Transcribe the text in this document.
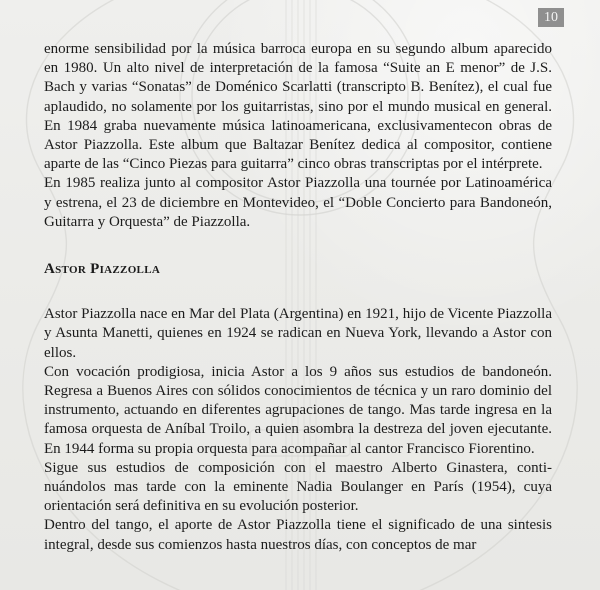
10

enorme sensibilidad por la música barroca europa en su segundo album aparecido en 1980. Un alto nivel de interpretación de la famosa “Suite an E menor” de J.S. Bach y varias “Sonatas” de Doménico Scarlatti (transcripto B. Benítez), el cual fue aplaudido, no solamente por los guitarristas, sino por el mundo musical en general. En 1984 graba nuevamente música latinoamericana, exclusivamentecon obras de Astor Piazzolla. Este album que Baltazar Benítez dedica al compositor, contiene aparte de las “Cinco Piezas para guitarra” cinco obras transcriptas por el intérprete.

En 1985 realiza junto al compositor Astor Piazzolla una tournée por Latinoamérica y estrena, el 23 de diciembre en Montevideo, el “Doble Concierto para Bandoneón, Guitarra y Orquesta” de Piazzolla.

Astor Piazzolla

Astor Piazzolla nace en Mar del Plata (Argentina) en 1921, hijo de Vicente Piazzolla y Asunta Manetti, quienes en 1924 se radican en Nueva York, llevando a Astor con ellos.

Con vocación prodigiosa, inicia Astor a los 9 años sus estudios de bandoneón. Regresa a Buenos Aires con sólidos conocimientos de técnica y un raro dominio del instrumento, actuando en diferentes agrupaciones de tango. Mas tarde ingresa en la famosa orquesta de Aníbal Troilo, a quien asombra la destreza del joven ejecutante. En 1944 forma su propia orquesta para acompañar al cantor Francisco Fiorentino.

Sigue sus estudios de composición con el maestro Alberto Ginastera, continuándolos mas tarde con la eminente Nadia Boulanger en París (1954), cuya orientación será definitiva en su evolución posterior.

Dentro del tango, el aporte de Astor Piazzolla tiene el significado de una sintesis integral, desde sus comienzos hasta nuestros días, con conceptos de mar
